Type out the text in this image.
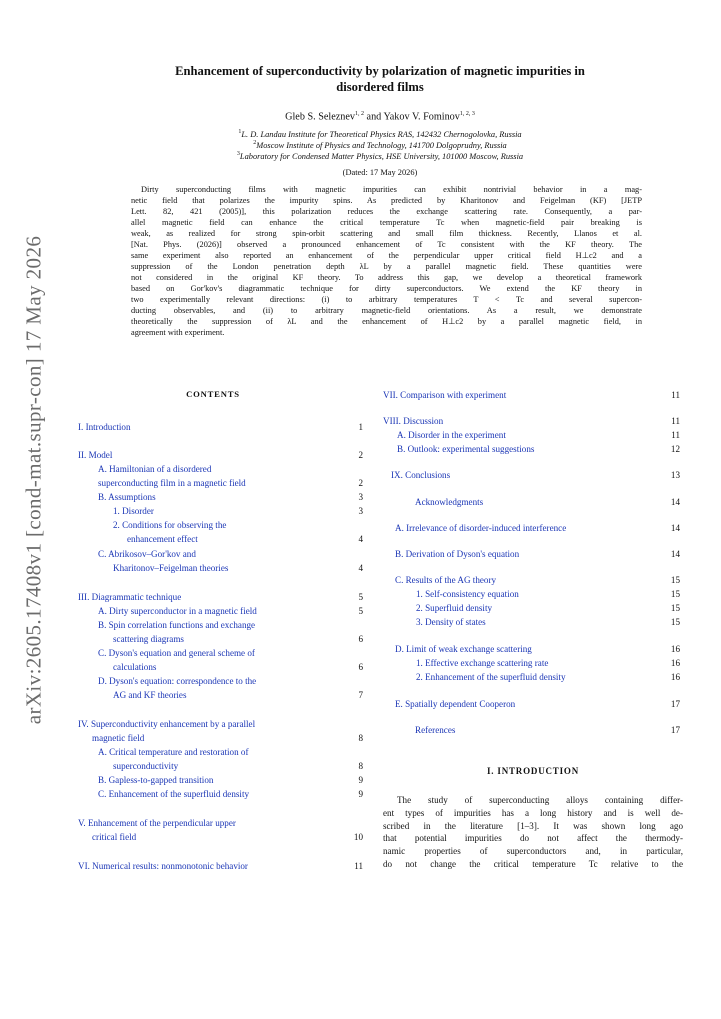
arXiv:2605.17408v1 [cond-mat.supr-con] 17 May 2026
Enhancement of superconductivity by polarization of magnetic impurities in
disordered films
Gleb S. Seleznev$^{1, 2}$ and Yakov V. Fominov$^{1, 2, 3}$
$^1$L. D. Landau Institute for Theoretical Physics RAS, 142432 Chernogolovka, Russia
$^2$Moscow Institute of Physics and Technology, 141700 Dolgoprudny, Russia
$^3$Laboratory for Condensed Matter Physics, HSE University, 101000 Moscow, Russia
(Dated: 17 May 2026)
Dirty superconducting films with magnetic impurities can exhibit nontrivial behavior in a mag-
netic field that polarizes the impurity spins. As predicted by Kharitonov and Feigelman (KF) [JETP
Lett. 82, 421 (2005)], this polarization reduces the exchange scattering rate. Consequently, a par-
allel magnetic field can enhance the critical temperature Tc when magnetic-field pair breaking is
weak, as realized for strong spin-orbit scattering and small film thickness. Recently, Llanos et al.
[Nat. Phys. (2026)] observed a pronounced enhancement of Tc consistent with the KF theory. The
same experiment also reported an enhancement of the perpendicular upper critical field H⊥c2 and a
suppression of the London penetration depth λL by a parallel magnetic field. These quantities were
not considered in the original KF theory. To address this gap, we develop a theoretical framework
based on Gor'kov's diagrammatic technique for dirty superconductors. We extend the KF theory in
two experimentally relevant directions: (i) to arbitrary temperatures T < Tc and several supercon-
ducting observables, and (ii) to arbitrary magnetic-field orientations. As a result, we demonstrate
theoretically the suppression of λL and the enhancement of H⊥c2 by a parallel magnetic field, in
agreement with experiment.
CONTENTS
I. Introduction	1
II. Model	2
A. Hamiltonian of a disordered
superconducting film in a magnetic field	2
B. Assumptions	3
1. Disorder	3
2. Conditions for observing the
enhancement effect	4
C. Abrikosov–Gor'kov and
Kharitonov–Feigelman theories	4
III. Diagrammatic technique	5
A. Dirty superconductor in a magnetic field	5
B. Spin correlation functions and exchange
scattering diagrams	6
C. Dyson's equation and general scheme of
calculations	6
D. Dyson's equation: correspondence to the
AG and KF theories	7
IV. Superconductivity enhancement by a parallel
magnetic field	8
A. Critical temperature and restoration of
superconductivity	8
B. Gapless-to-gapped transition	9
C. Enhancement of the superfluid density	9
V. Enhancement of the perpendicular upper
critical field	10
VI. Numerical results: nonmonotonic behavior	11
VII. Comparison with experiment	11
VIII. Discussion	11
A. Disorder in the experiment	11
B. Outlook: experimental suggestions	12
IX. Conclusions	13
Acknowledgments	14
A. Irrelevance of disorder-induced interference	14
B. Derivation of Dyson's equation	14
C. Results of the AG theory	15
1. Self-consistency equation	15
2. Superfluid density	15
3. Density of states	15
D. Limit of weak exchange scattering	16
1. Effective exchange scattering rate	16
2. Enhancement of the superfluid density	16
E. Spatially dependent Cooperon	17
References	17
I. INTRODUCTION
The study of superconducting alloys containing differ-
ent types of impurities has a long history and is well de-
scribed in the literature [1–3]. It was shown long ago
that potential impurities do not affect the thermody-
namic properties of superconductors and, in particular,
do not change the critical temperature Tc relative to the
